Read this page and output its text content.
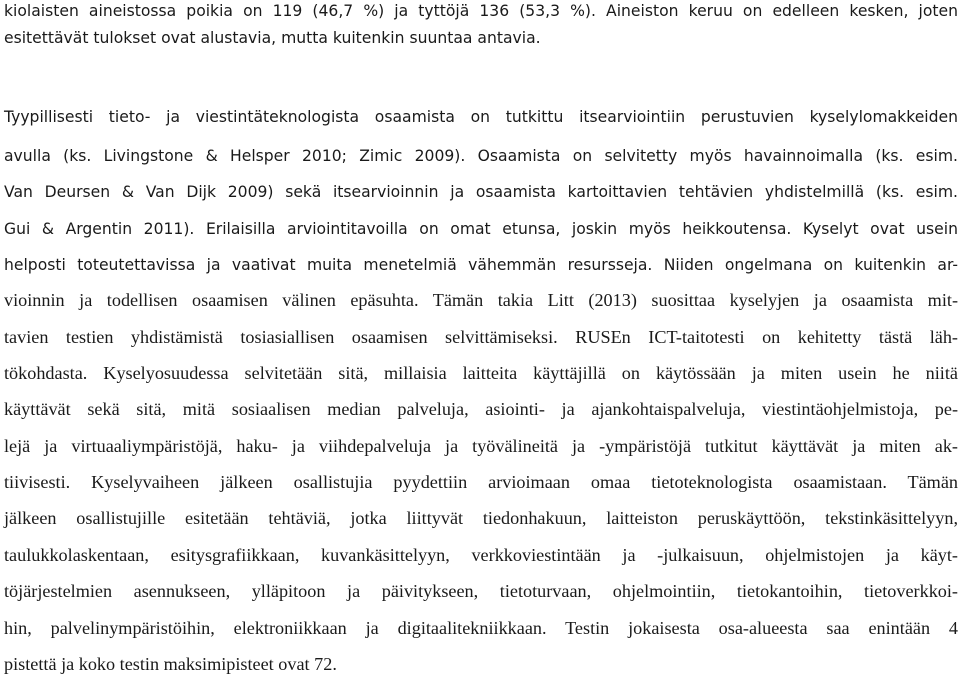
kiolaisten aineistossa poikia on 119 (46,7 %) ja tyttöjä 136 (53,3 %). Aineiston keruu on edelleen kesken, joten
esitettävät tulokset ovat alustavia, mutta kuitenkin suuntaa antavia.
Tyypillisesti tieto- ja viestintäteknologista osaamista on tutkittu itsearviointiin perustuvien kyselylomakkeiden
avulla (ks. Livingstone & Helsper 2010; Zimic 2009). Osaamista on selvitetty myös havainnoimalla (ks. esim.
Van Deursen & Van Dijk 2009) sekä itsearvioinnin ja osaamista kartoittavien tehtävien yhdistelmillä (ks. esim.
Gui & Argentin 2011). Erilaisilla arviointitavoilla on omat etunsa, joskin myös heikkoutensa. Kyselyt ovat usein
helposti toteutettavissa ja vaativat muita menetelmiä vähemmän resursseja. Niiden ongelmana on kuitenkin ar-
vioinnin ja todellisen osaamisen välinen epäsuhta. Tämän takia Litt (2013) suosittaa kyselyjen ja osaamista mit-
tavien testien yhdistämistä tosiasiallisen osaamisen selvittämiseksi. RUSEn ICT-taitotesti on kehitetty tästä läh-
tökohdasta. Kyselyosuudessa selvitetään sitä, millaisia laitteita käyttäjillä on käytössään ja miten usein he niitä
käyttävät sekä sitä, mitä sosiaalisen median palveluja, asiointi- ja ajankohtaispalveluja, viestintäohjelmistoja, pe-
lejä ja virtuaaliympäristöjä, haku- ja viihdepalveluja ja työvälineitä ja -ympäristöjä tutkitut käyttävät ja miten ak-
tiivisesti. Kyselyvaiheen jälkeen osallistujia pyydettiin arvioimaan omaa tietoteknologista osaamistaan. Tämän
jälkeen osallistujille esitetään tehtäviä, jotka liittyvät tiedonhakuun, laitteiston peruskäyttöön, tekstinkäsittelyyn,
taulukkolaskentaan, esitysgrafiikkaan, kuvankäsittelyyn, verkkoviestintään ja -julkaisuun, ohjelmistojen ja käyt-
töjärjestelmien asennukseen, ylläpitoon ja päivitykseen, tietoturvaan, ohjelmointiin, tietokantoihin, tietoverkkoi-
hin, palvelinympäristöihin, elektroniikkaan ja digitaalitekniikkaan. Testin jokaisesta osa-alueesta saa enintään 4
pistettä ja koko testin maksimipisteet ovat 72.
